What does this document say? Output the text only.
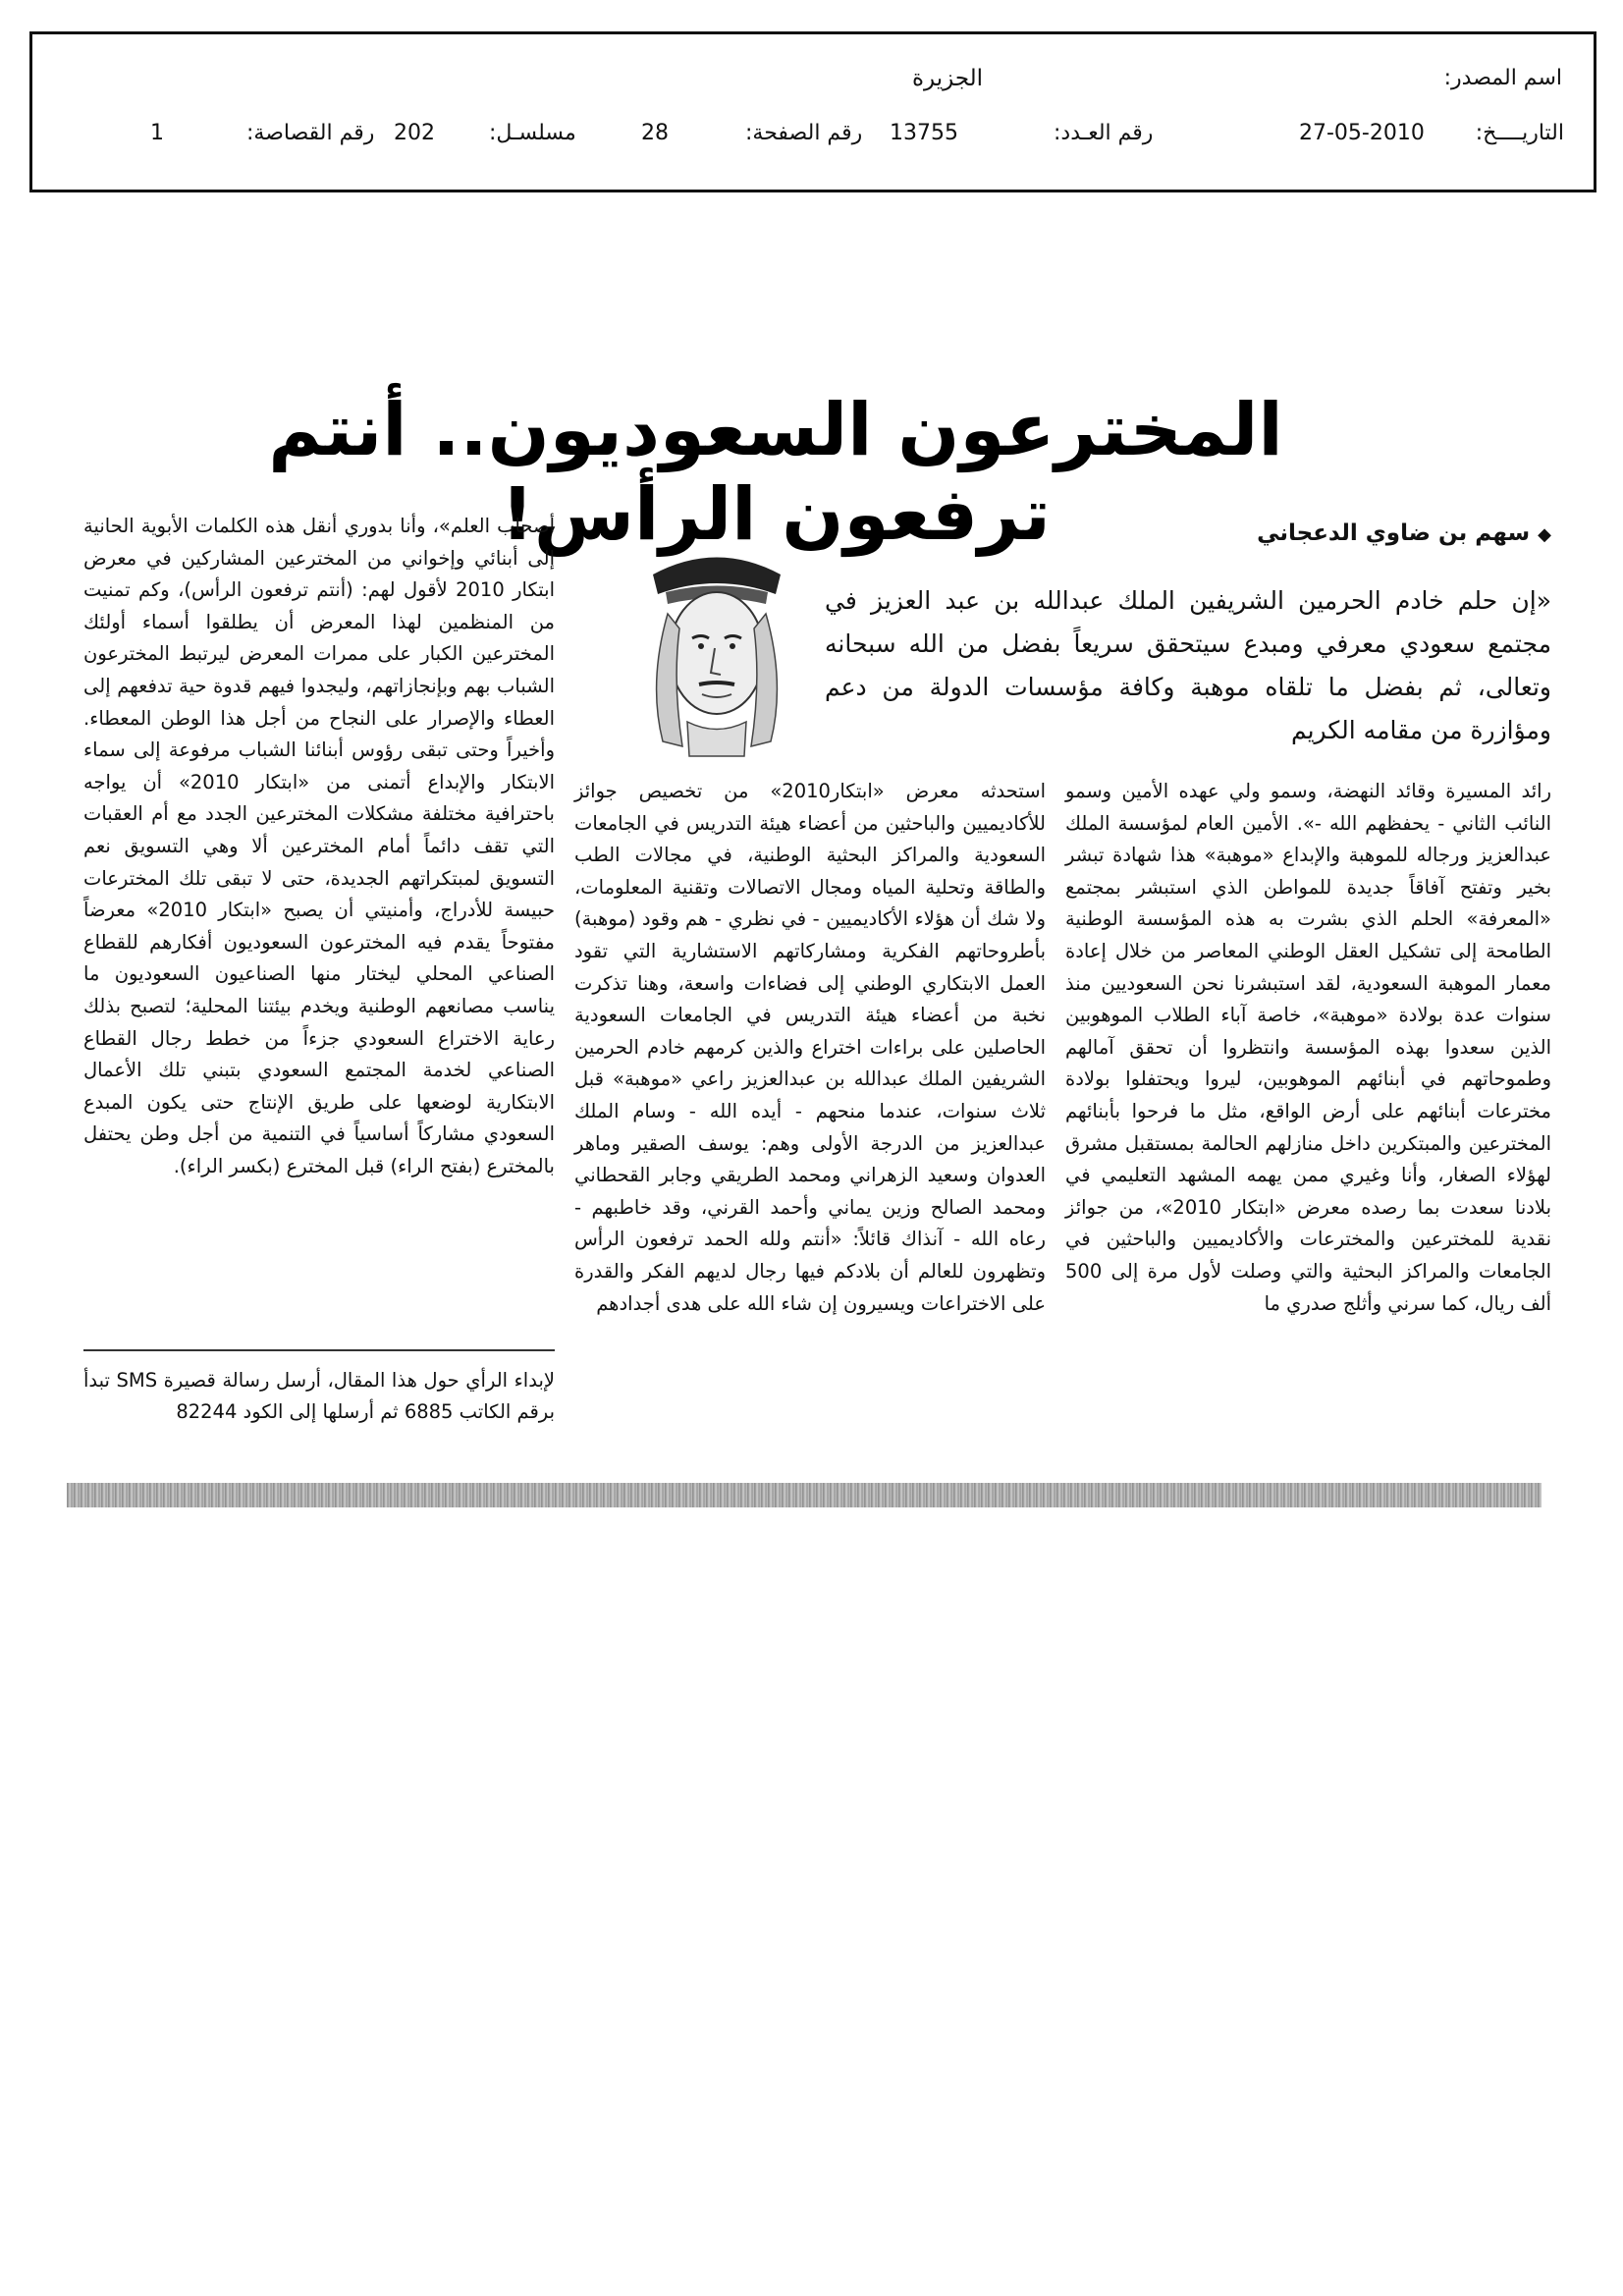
اسم المصدر:
الجزيرة
التاريــــخ:
27-05-2010
رقم العـدد:
13755
رقم الصفحة:
28
مسلسـل:
202
رقم القصاصة:
1
المخترعون السعوديون.. أنتم ترفعون الرأس!	◆سهم بن ضاوي الدعجاني

«إن حلم خادم الحرمين الشريفين الملك عبدالله بن عبد العزيز في مجتمع سعودي معرفي ومبدع سيتحقق سريعاً بفضل من الله سبحانه وتعالى، ثم بفضل ما تلقاه موهبة وكافة مؤسسات الدولة من دعم ومؤازرة من مقامه الكريم

رائد المسيرة وقائد النهضة، وسمو ولي عهده الأمين وسمو النائب الثاني - يحفظهم الله -». الأمين العام لمؤسسة الملك عبدالعزيز ورجاله للموهبة والإبداع «موهبة» هذا شهادة تبشر بخير وتفتح آفاقاً جديدة للمواطن الذي استبشر بمجتمع «المعرفة» الحلم الذي بشرت به هذه المؤسسة الوطنية الطامحة إلى تشكيل العقل الوطني المعاصر من خلال إعادة معمار الموهبة السعودية، لقد استبشرنا نحن السعوديين منذ سنوات عدة بولادة «موهبة»، خاصة آباء الطلاب الموهوبين الذين سعدوا بهذه المؤسسة وانتظروا أن تحقق آمالهم وطموحاتهم في أبنائهم الموهوبين، ليروا ويحتفلوا بولادة مخترعات أبنائهم على أرض الواقع، مثل ما فرحوا بأبنائهم المخترعين والمبتكرين داخل منازلهم الحالمة بمستقبل مشرق لهؤلاء الصغار، وأنا وغيري ممن يهمه المشهد التعليمي في بلادنا سعدت بما رصده معرض «ابتكار 2010»، من جوائز نقدية للمخترعين والمخترعات والأكاديميين والباحثين في الجامعات والمراكز البحثية والتي وصلت لأول مرة إلى 500 ألف ريال، كما سرني وأثلج صدري ما

استحدثه معرض «ابتكار2010» من تخصيص جوائز للأكاديميين والباحثين من أعضاء هيئة التدريس في الجامعات السعودية والمراكز البحثية الوطنية، في مجالات الطب والطاقة وتحلية المياه ومجال الاتصالات وتقنية المعلومات، ولا شك أن هؤلاء الأكاديميين - في نظري - هم وقود (موهبة) بأطروحاتهم الفكرية ومشاركاتهم الاستشارية التي تقود العمل الابتكاري الوطني إلى فضاءات واسعة، وهنا تذكرت نخبة من أعضاء هيئة التدريس في الجامعات السعودية الحاصلين على براءات اختراع والذين كرمهم خادم الحرمين الشريفين الملك عبدالله بن عبدالعزيز راعي «موهبة» قبل ثلاث سنوات، عندما منحهم - أيده الله - وسام الملك عبدالعزيز من الدرجة الأولى وهم: يوسف الصقير وماهر العدوان وسعيد الزهراني ومحمد الطريقي وجابر القحطاني ومحمد الصالح وزين يماني وأحمد القرني، وقد خاطبهم - رعاه الله - آنذاك قائلاً: «أنتم ولله الحمد ترفعون الرأس وتظهرون للعالم أن بلادكم فيها رجال لديهم الفكر والقدرة على الاختراعات ويسيرون إن شاء الله على هدى أجدادهم

أصحاب العلم»، وأنا بدوري أنقل هذه الكلمات الأبوية الحانية إلى أبنائي وإخواني من المخترعين المشاركين في معرض ابتكار 2010 لأقول لهم: (أنتم ترفعون الرأس)، وكم تمنيت من المنظمين لهذا المعرض أن يطلقوا أسماء أولئك المخترعين الكبار على ممرات المعرض ليرتبط المخترعون الشباب بهم وبإنجازاتهم، وليجدوا فيهم قدوة حية تدفعهم إلى العطاء والإصرار على النجاح من أجل هذا الوطن المعطاء. وأخيراً وحتى تبقى رؤوس أبنائنا الشباب مرفوعة إلى سماء الابتكار والإبداع أتمنى من «ابتكار 2010» أن يواجه باحترافية مختلفة مشكلات المخترعين الجدد مع أم العقبات التي تقف دائماً أمام المخترعين ألا وهي التسويق نعم التسويق لمبتكراتهم الجديدة، حتى لا تبقى تلك المخترعات حبيسة للأدراج، وأمنيتي أن يصبح «ابتكار 2010» معرضاً مفتوحاً يقدم فيه المخترعون السعوديون أفكارهم للقطاع الصناعي المحلي ليختار منها الصناعيون السعوديون ما يناسب مصانعهم الوطنية ويخدم بيئتنا المحلية؛ لتصبح بذلك رعاية الاختراع السعودي جزءاً من خطط رجال القطاع الصناعي لخدمة المجتمع السعودي بتبني تلك الأعمال الابتكارية لوضعها على طريق الإنتاج حتى يكون المبدع السعودي مشاركاً أساسياً في التنمية من أجل وطن يحتفل بالمخترع (بفتح الراء) قبل المخترع (بكسر الراء).

لإبداء الرأي حول هذا المقال، أرسل رسالة قصيرة SMS تبدأ برقم الكاتب 6885 ثم أرسلها إلى الكود 82244
